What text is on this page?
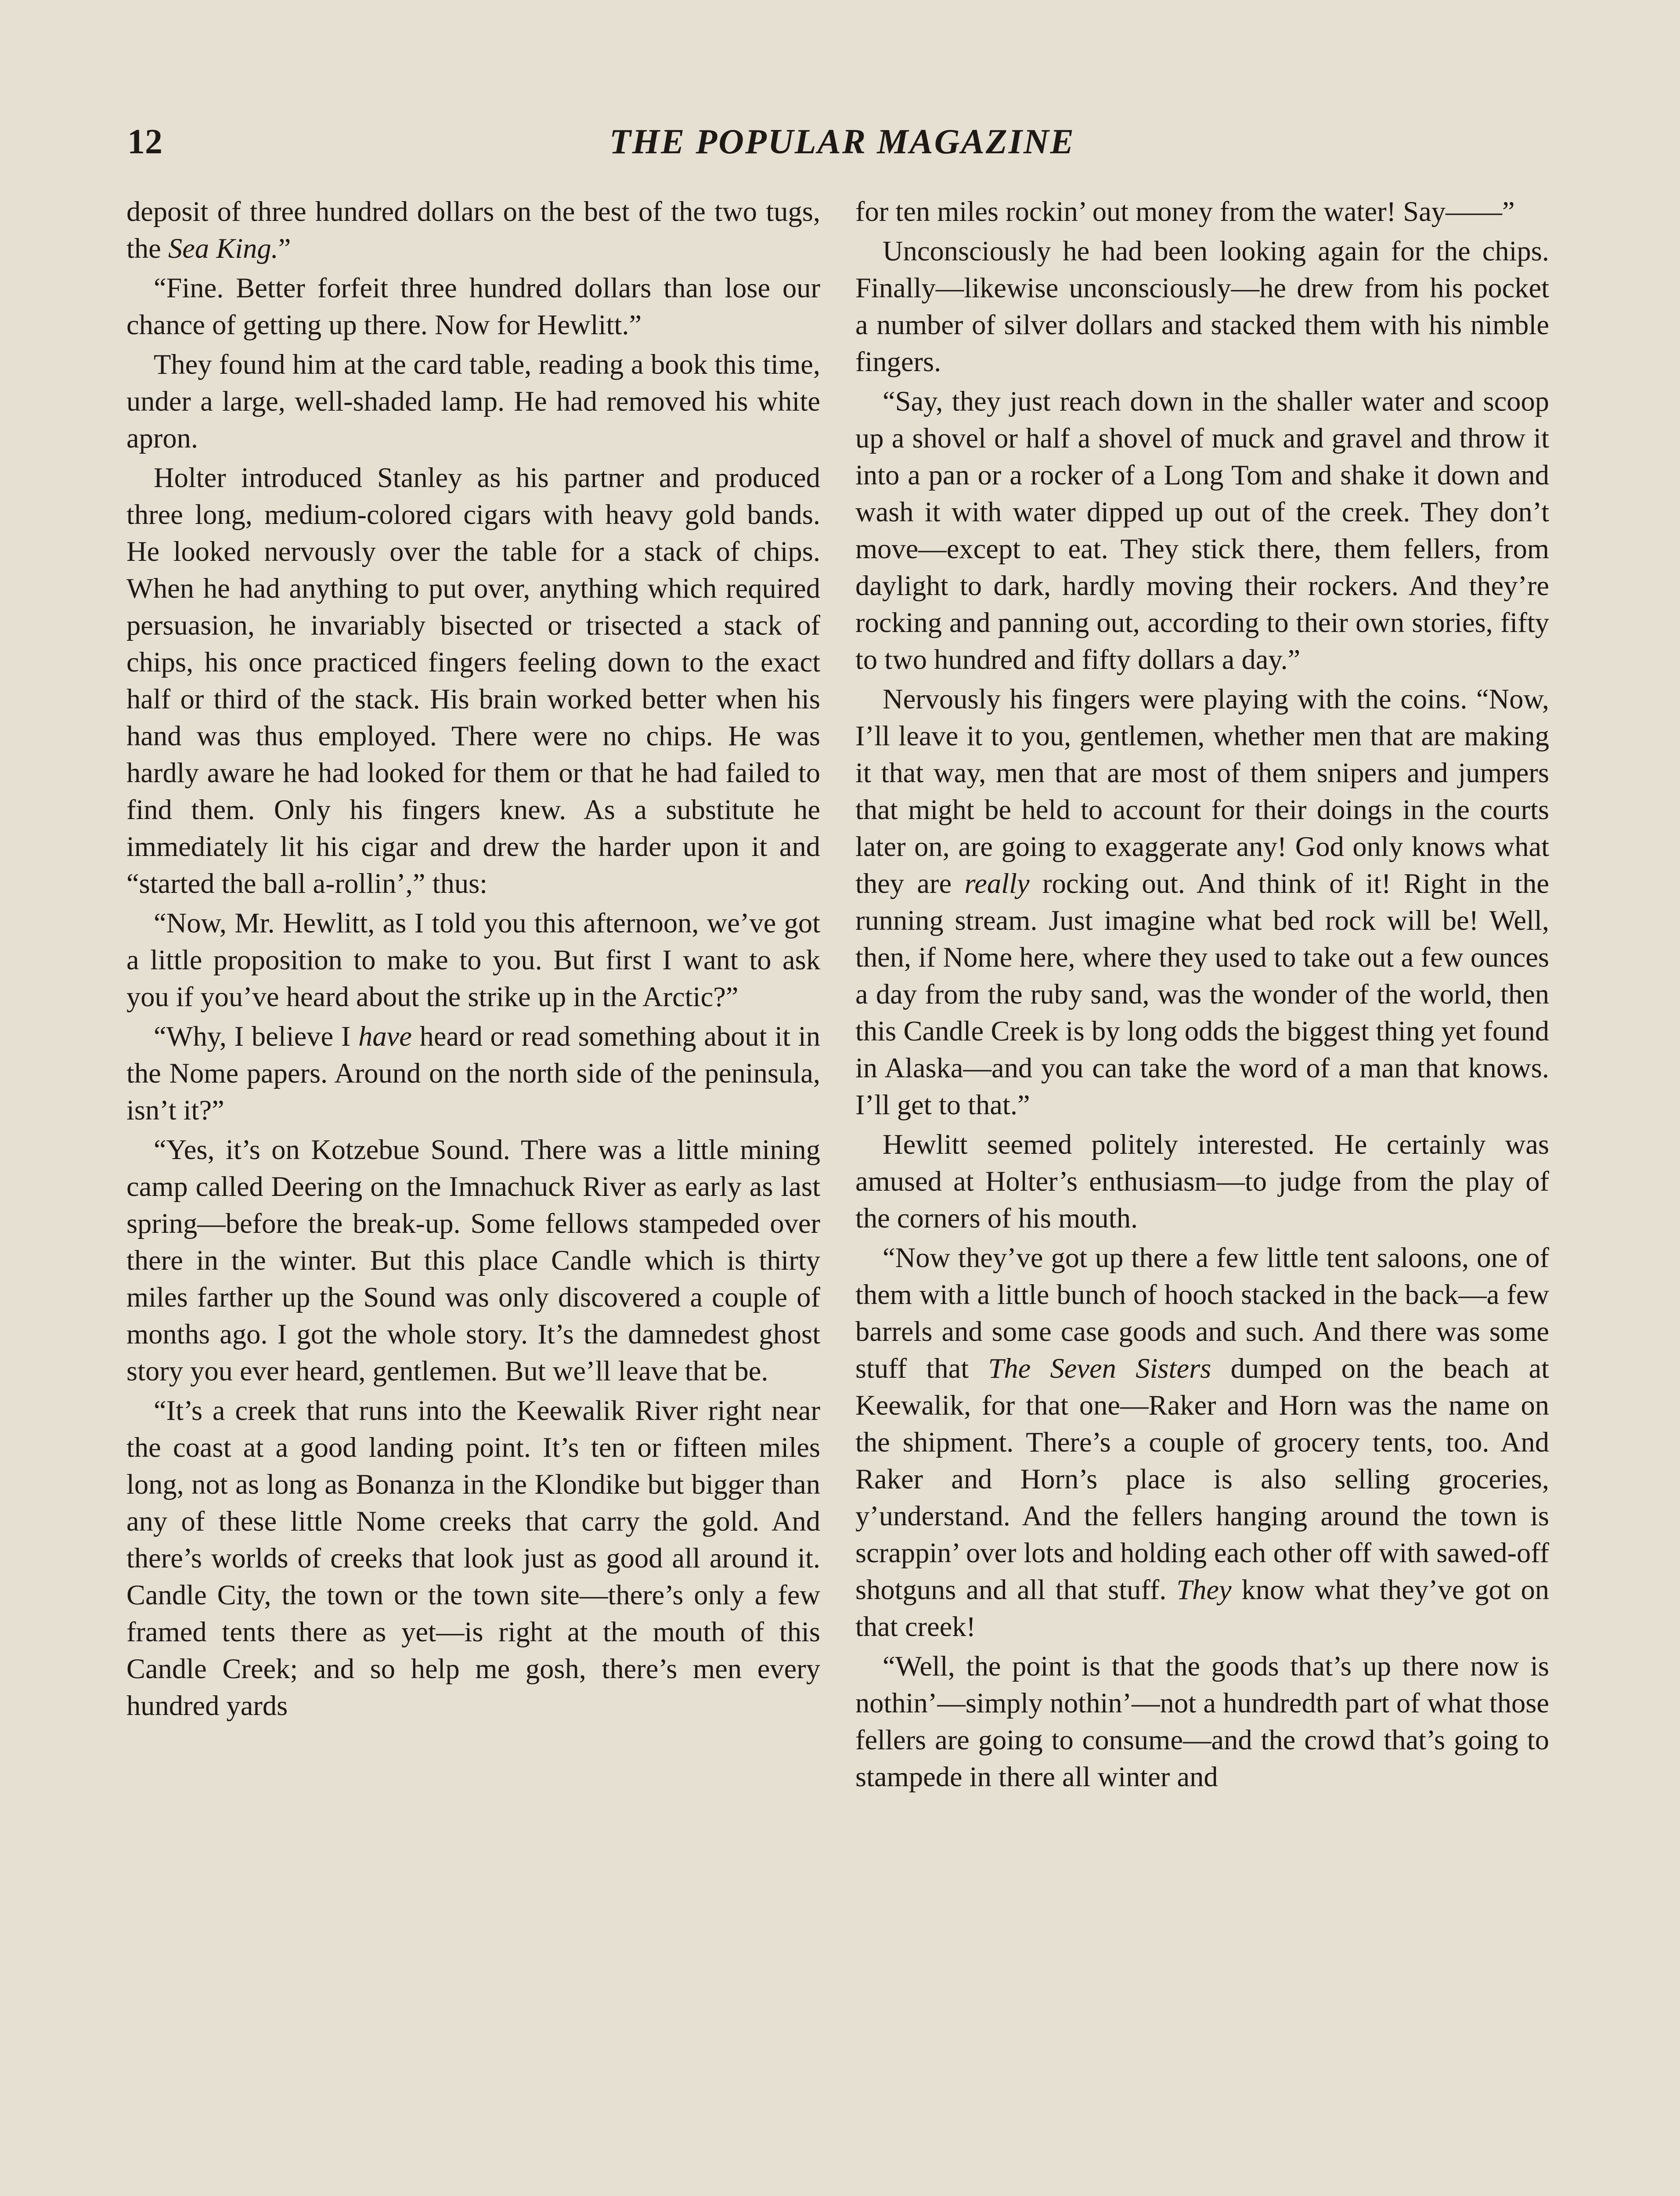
12	THE POPULAR MAGAZINE

deposit of three hundred dollars on the best of the two tugs, the Sea King.”

“Fine. Better forfeit three hundred dollars than lose our chance of getting up there. Now for Hewlitt.”

They found him at the card table, reading a book this time, under a large, well-shaded lamp. He had removed his white apron.

Holter introduced Stanley as his partner and produced three long, medium-colored cigars with heavy gold bands. He looked nervously over the table for a stack of chips. When he had anything to put over, anything which required persuasion, he invariably bisected or trisected a stack of chips, his once practiced fingers feeling down to the exact half or third of the stack. His brain worked better when his hand was thus employed. There were no chips. He was hardly aware he had looked for them or that he had failed to find them. Only his fingers knew. As a substitute he immediately lit his cigar and drew the harder upon it and “started the ball a-rollin’,” thus:

“Now, Mr. Hewlitt, as I told you this afternoon, we’ve got a little proposition to make to you. But first I want to ask you if you’ve heard about the strike up in the Arctic?”

“Why, I believe I have heard or read something about it in the Nome papers. Around on the north side of the peninsula, isn’t it?”

“Yes, it’s on Kotzebue Sound. There was a little mining camp called Deering on the Imnachuck River as early as last spring—before the break-up. Some fellows stampeded over there in the winter. But this place Candle which is thirty miles farther up the Sound was only discovered a couple of months ago. I got the whole story. It’s the damnedest ghost story you ever heard, gentlemen. But we’ll leave that be.

“It’s a creek that runs into the Keewalik River right near the coast at a good landing point. It’s ten or fifteen miles long, not as long as Bonanza in the Klondike but bigger than any of these little Nome creeks that carry the gold. And there’s worlds of creeks that look just as good all around it. Candle City, the town or the town site—there’s only a few framed tents there as yet—is right at the mouth of this Candle Creek; and so help me gosh, there’s men every hundred yards

for ten miles rockin’ out money from the water! Say——”

Unconsciously he had been looking again for the chips. Finally—likewise unconsciously—he drew from his pocket a number of silver dollars and stacked them with his nimble fingers.

“Say, they just reach down in the shaller water and scoop up a shovel or half a shovel of muck and gravel and throw it into a pan or a rocker of a Long Tom and shake it down and wash it with water dipped up out of the creek. They don’t move—except to eat. They stick there, them fellers, from daylight to dark, hardly moving their rockers. And they’re rocking and panning out, according to their own stories, fifty to two hundred and fifty dollars a day.”

Nervously his fingers were playing with the coins. “Now, I’ll leave it to you, gentlemen, whether men that are making it that way, men that are most of them snipers and jumpers that might be held to account for their doings in the courts later on, are going to exaggerate any! God only knows what they are really rocking out. And think of it! Right in the running stream. Just imagine what bed rock will be! Well, then, if Nome here, where they used to take out a few ounces a day from the ruby sand, was the wonder of the world, then this Candle Creek is by long odds the biggest thing yet found in Alaska—and you can take the word of a man that knows. I’ll get to that.”

Hewlitt seemed politely interested. He certainly was amused at Holter’s enthusiasm—to judge from the play of the corners of his mouth.

“Now they’ve got up there a few little tent saloons, one of them with a little bunch of hooch stacked in the back—a few barrels and some case goods and such. And there was some stuff that The Seven Sisters dumped on the beach at Keewalik, for that one—Raker and Horn was the name on the shipment. There’s a couple of grocery tents, too. And Raker and Horn’s place is also selling groceries, y’understand. And the fellers hanging around the town is scrappin’ over lots and holding each other off with sawed-off shotguns and all that stuff. They know what they’ve got on that creek!

“Well, the point is that the goods that’s up there now is nothin’—simply nothin’—not a hundredth part of what those fellers are going to consume—and the crowd that’s going to stampede in there all winter and
